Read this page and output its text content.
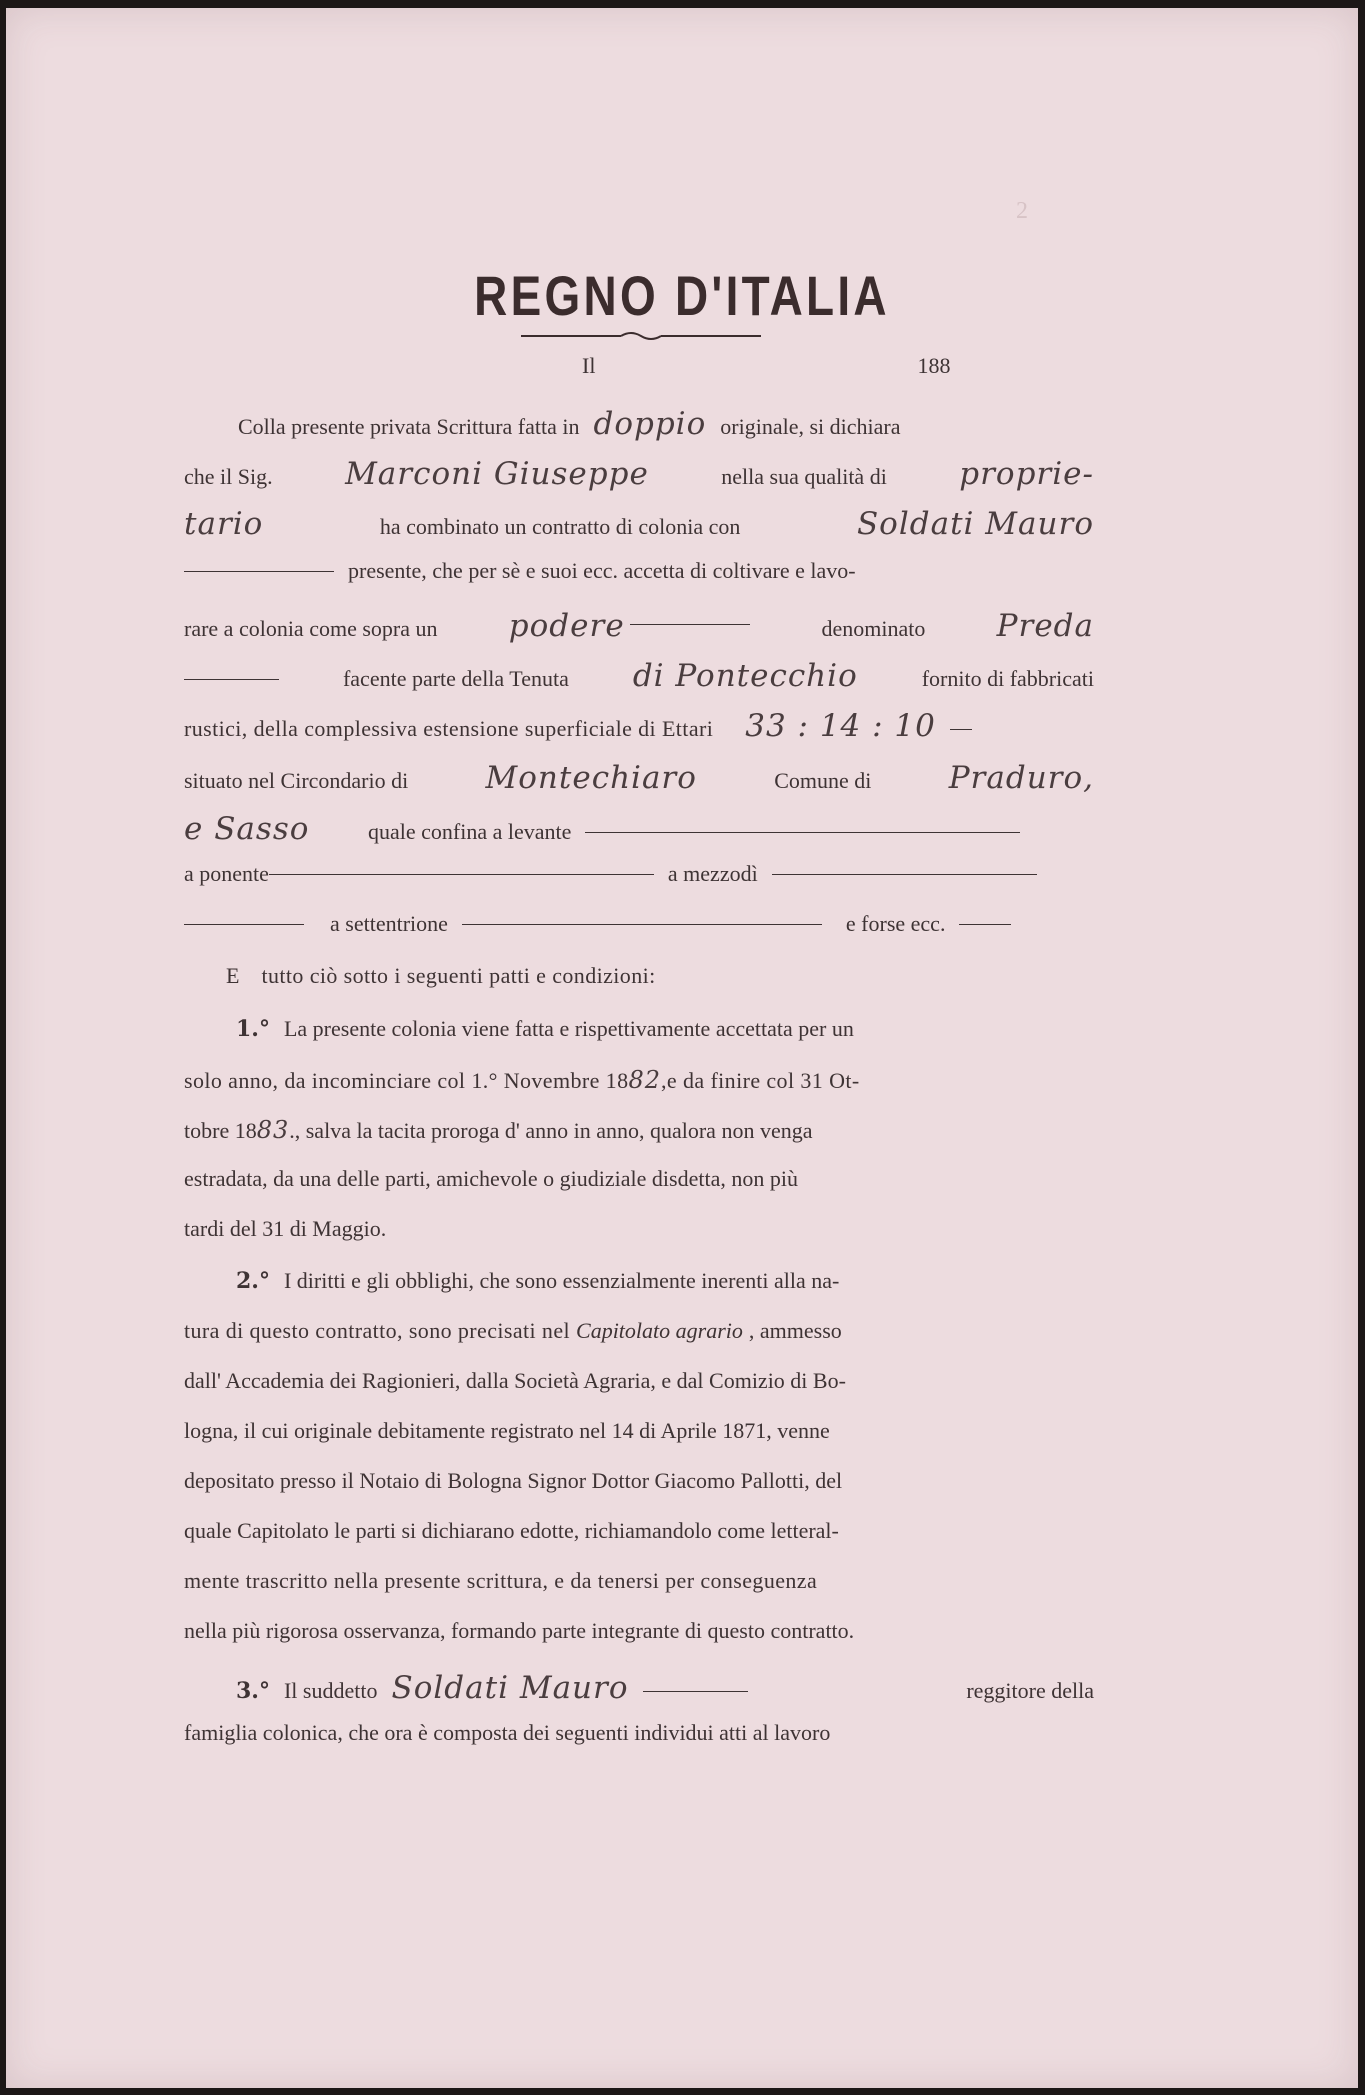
2
REGNO D'ITALIA
Il	188
Colla presente privata Scrittura fatta in doppio originale, si dichiara
che il Sig. Marconi Giuseppe	nella sua qualità di proprie-
tario	ha combinato un contratto di colonia con	Soldati Mauro
presente, che per sè e suoi ecc. accetta di coltivare e lavo-
rare a colonia come sopra un podere	denominato Preda
facente parte della Tenuta di Pontecchio	fornito di fabbricati
rustici, della complessiva estensione superficiale di Ettari 33 : 14 : 10
situato nel Circondario di Montechiaro	Comune di Praduro,
e Sasso	quale confina a levante
a ponente	a mezzodì
a settentrione	e forse ecc.
E tutto ciò sotto i seguenti patti e condizioni:
1.° La presente colonia viene fatta e rispettivamente accettata per un
solo anno, da incominciare col 1.° Novembre 18 82 ,e da finire col 31 Ot-
tobre 18 83 ., salva la tacita proroga d' anno in anno, qualora non venga
estradata, da una delle parti, amichevole o giudiziale disdetta, non più
tardi del 31 di Maggio.
2.° I diritti e gli obblighi, che sono essenzialmente inerenti alla na-
tura di questo contratto, sono precisati nel Capitolato agrario , ammesso
dall' Accademia dei Ragionieri, dalla Società Agraria, e dal Comizio di Bo-
logna, il cui originale debitamente registrato nel 14 di Aprile 1871, venne
depositato presso il Notaio di Bologna Signor Dottor Giacomo Pallotti, del
quale Capitolato le parti si dichiarano edotte, richiamandolo come letteral-
mente trascritto nella presente scrittura, e da tenersi per conseguenza
nella più rigorosa osservanza, formando parte integrante di questo contratto.
3.° Il suddetto Soldati Mauro	reggitore della
famiglia colonica, che ora è composta dei seguenti individui atti al lavoro
